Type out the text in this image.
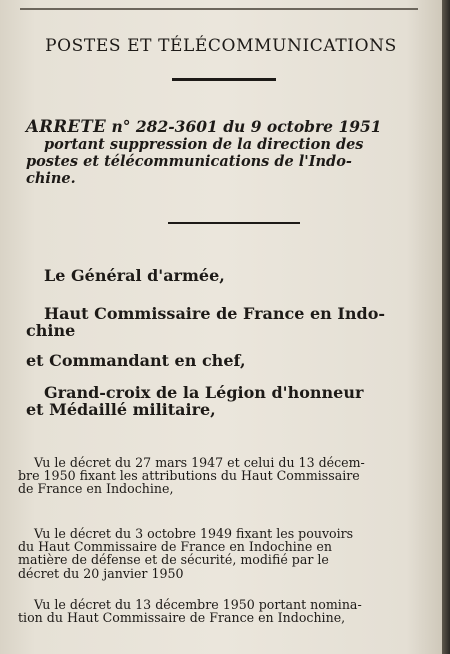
POSTES ET TÉLÉCOMMUNICATIONS
ARRETE n° 282-3601 du 9 octobre 1951
portant suppression de la direction des
postes et télécommunications de l'Indo-
chine.
Le Général d'armée,
Haut Commissaire de France en Indo-
chine
et Commandant en chef,
Grand-croix de la Légion d'honneur
et Médaillé militaire,
Vu le décret du 27 mars 1947 et celui du 13 décem-
bre 1950 fixant les attributions du Haut Commissaire
de France en Indochine,
Vu le décret du 3 octobre 1949 fixant les pouvoirs
du Haut Commissaire de France en Indochine en
matière de défense et de sécurité, modifié par le
décret du 20 janvier 1950
Vu le décret du 13 décembre 1950 portant nomina-
tion du Haut Commissaire de France en Indochine,
